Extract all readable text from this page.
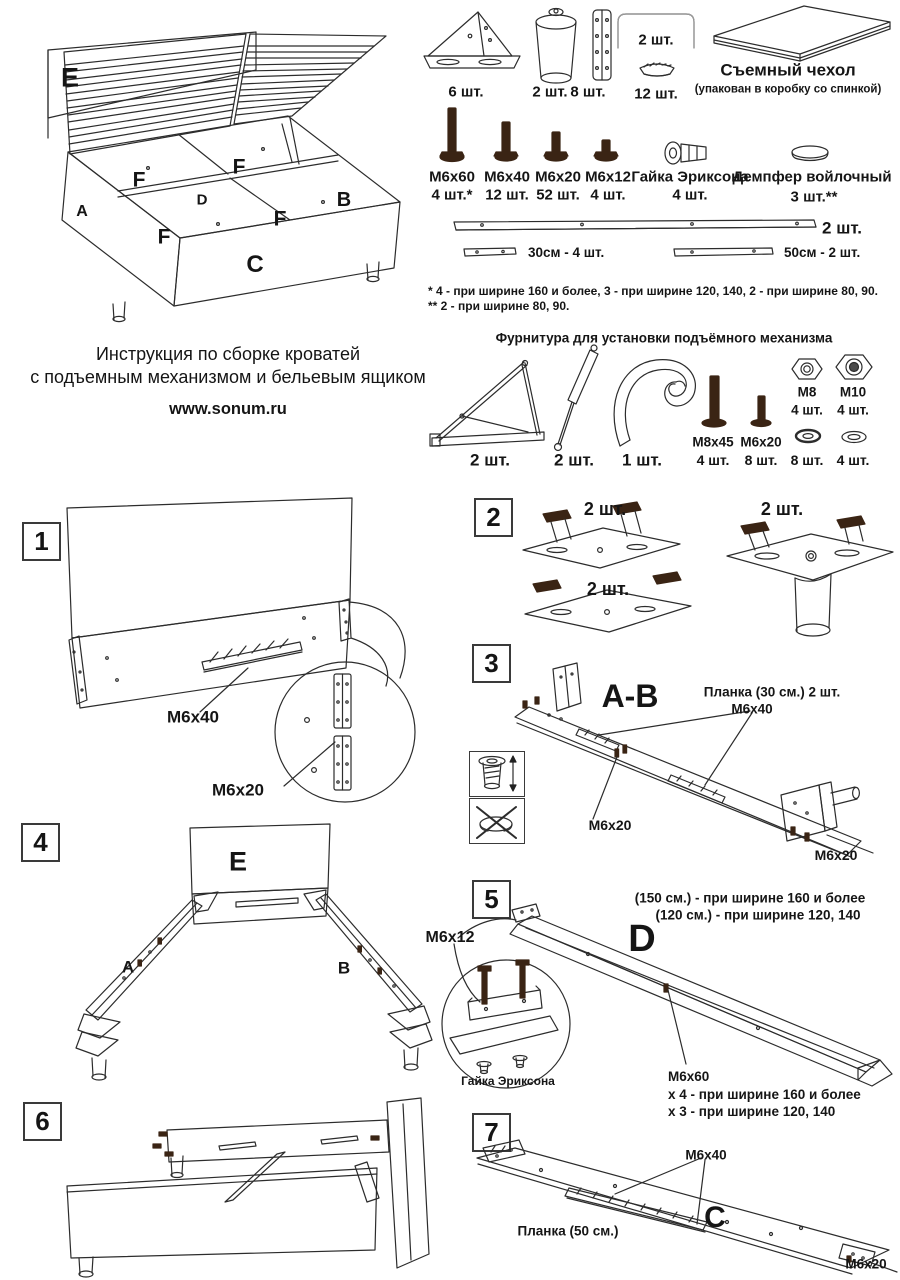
E
F
F
D	B
A
F
F
C
Инструкция по сборке кроватей
с подъемным механизмом и бельевым ящиком
www.sonum.ru
6 шт.	2 шт. 8 шт.
2 шт.
12 шт.
Съемный чехол
(упакован в коробку со спинкой)
M6x60
4 шт.*
M6x40
12 шт.
M6x20
52 шт.
M6x12
4 шт.
Гайка Эриксона
4 шт.
Демпфер войлочный
3 шт.**
2 шт.
30см - 4 шт.	50см - 2 шт.
* 4 - при ширине 160 и более, 3 - при ширине 120, 140, 2 - при ширине 80, 90.
** 2 - при ширине 80, 90.
Фурнитура для установки подъёмного механизма
2 шт.	2 шт. 1 шт.
M8x45
4 шт.
M6x20
8 шт.
М8
4 шт.
М10
4 шт.
8 шт. 4 шт.
1
2
3
4
5
6	7
M6x40
M6x20
2 шт.	2 шт.
2 шт.
А-В	Планка (30 см.) 2 шт.
M6x40
M6x20
M6x20
E
A	B
(150 см.) - при ширине 160 и более
(120 см.) - при ширине 120, 140
D
M6x12
Гайка Эриксона	M6x60
х 4 - при ширине 160 и более
х 3 - при ширине 120, 140
M6x40
Планка (50 см.)	C
M6x20
